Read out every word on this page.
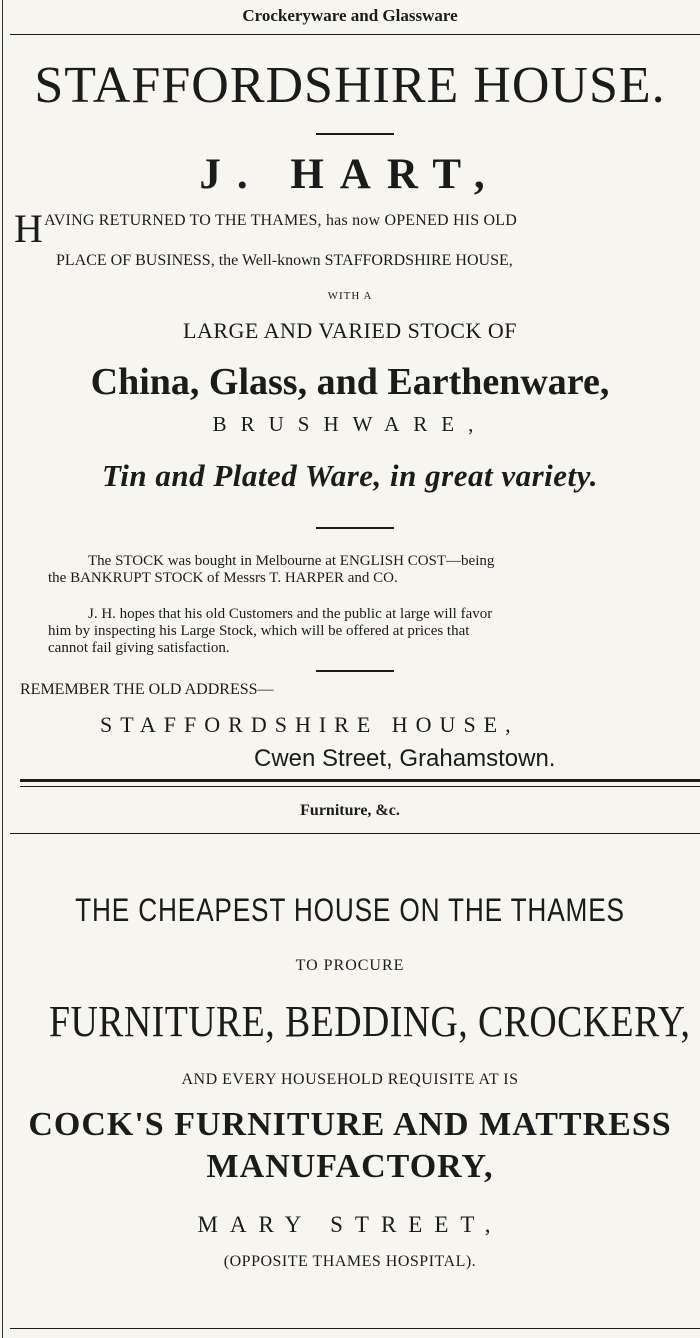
Crockeryware and Glassware
STAFFORDSHIRE HOUSE.
J. HART,
H AVING RETURNED TO THE THAMES, has now OPENED HIS OLD
PLACE OF BUSINESS, the Well-known STAFFORDSHIRE HOUSE,
WITH A
LARGE AND VARIED STOCK OF
China, Glass, and Earthenware,
BRUSHWARE,
Tin and Plated Ware, in great variety.
The STOCK was bought in Melbourne at ENGLISH COST—being
the BANKRUPT STOCK of Messrs T. HARPER and CO.
J. H. hopes that his old Customers and the public at large will favor
him by inspecting his Large Stock, which will be offered at prices that
cannot fail giving satisfaction.
REMEMBER THE OLD ADDRESS—
STAFFORDSHIRE HOUSE,
Cwen Street, Grahamstown.
Furniture, &c.
THE CHEAPEST HOUSE ON THE THAMES
TO PROCURE
FURNITURE, BEDDING, CROCKERY,
AND EVERY HOUSEHOLD REQUISITE AT IS
COCK'S FURNITURE AND MATTRESS
MANUFACTORY,
MARY STREET,
(OPPOSITE THAMES HOSPITAL).
